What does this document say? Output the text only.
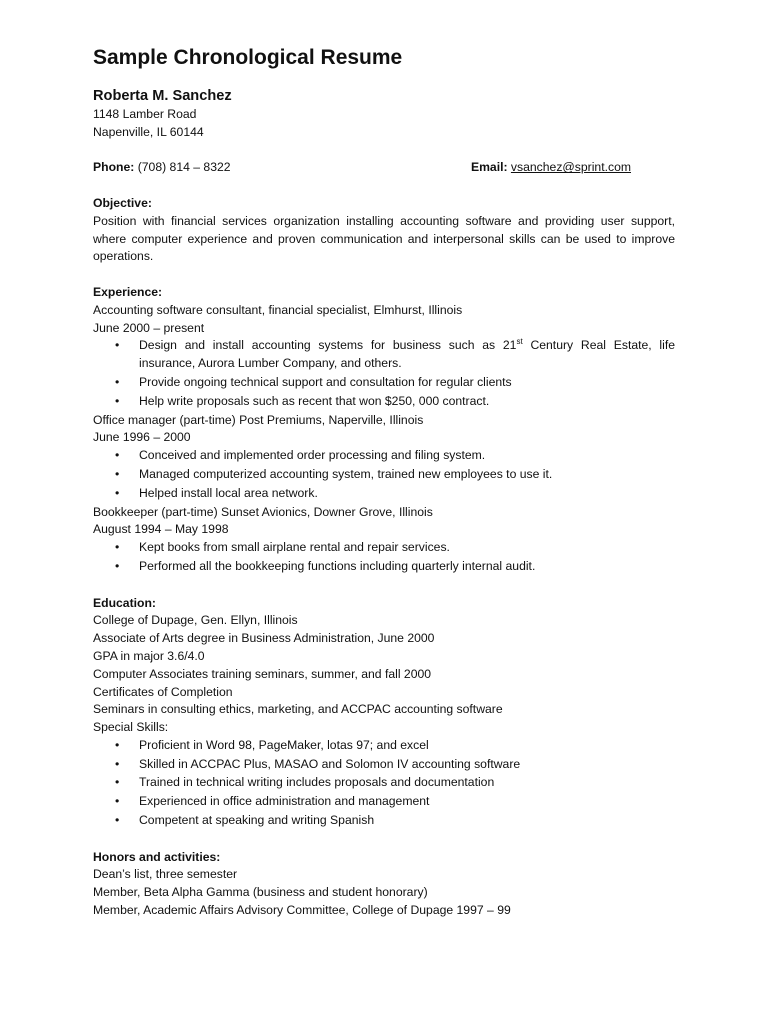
Sample Chronological Resume
Roberta M. Sanchez
1148 Lamber Road
Napenville, IL 60144
Phone: (708) 814 – 8322	Email: vsanchez@sprint.com
Objective:

Position with financial services organization installing accounting software and providing user support, where computer experience and proven communication and interpersonal skills can be used to improve operations.

Experience:
Accounting software consultant, financial specialist, Elmhurst, Illinois
June 2000 – present
• Design and install accounting systems for business such as 21st Century Real Estate, life insurance, Aurora Lumber Company, and others.
• Provide ongoing technical support and consultation for regular clients
• Help write proposals such as recent that won $250, 000 contract.
Office manager (part-time) Post Premiums, Naperville, Illinois
June 1996 – 2000
• Conceived and implemented order processing and filing system.
• Managed computerized accounting system, trained new employees to use it.
• Helped install local area network.
Bookkeeper (part-time) Sunset Avionics, Downer Grove, Illinois
August 1994 – May 1998
• Kept books from small airplane rental and repair services.
• Performed all the bookkeeping functions including quarterly internal audit.
Education:
College of Dupage, Gen. Ellyn, Illinois
Associate of Arts degree in Business Administration, June 2000
GPA in major 3.6/4.0
Computer Associates training seminars, summer, and fall 2000
Certificates of Completion
Seminars in consulting ethics, marketing, and ACCPAC accounting software
Special Skills:
• Proficient in Word 98, PageMaker, lotas 97; and excel
• Skilled in ACCPAC Plus, MASAO and Solomon IV accounting software
• Trained in technical writing includes proposals and documentation
• Experienced in office administration and management
• Competent at speaking and writing Spanish
Honors and activities:
Dean’s list, three semester
Member, Beta Alpha Gamma (business and student honorary)
Member, Academic Affairs Advisory Committee, College of Dupage 1997 – 99
